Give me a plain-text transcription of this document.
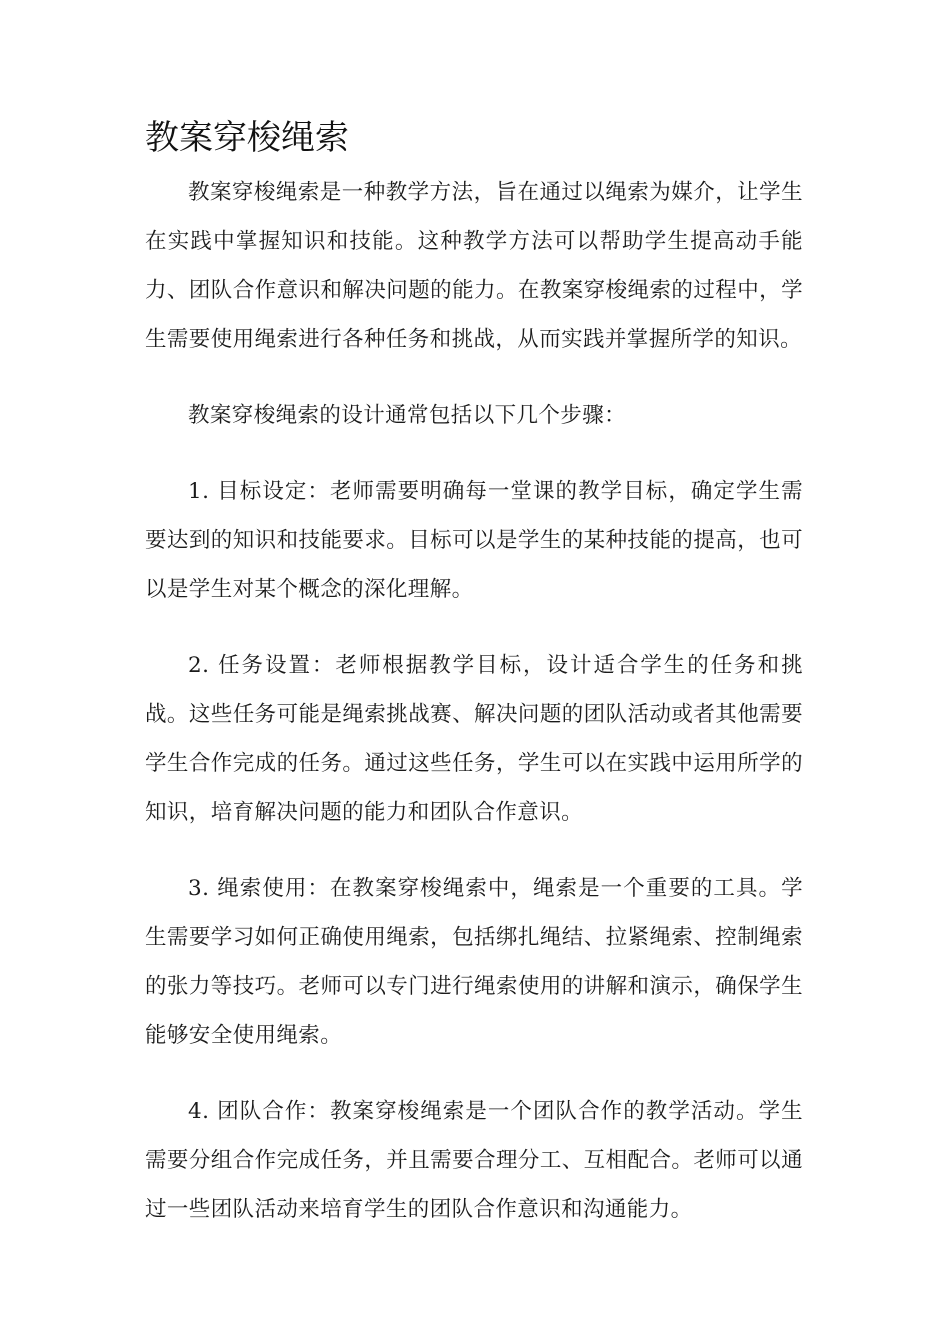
教案穿梭绳索

教案穿梭绳索是一种教学方法，旨在通过以绳索为媒介，让学生在实践中掌握知识和技能。这种教学方法可以帮助学生提高动手能力、团队合作意识和解决问题的能力。在教案穿梭绳索的过程中，学生需要使用绳索进行各种任务和挑战，从而实践并掌握所学的知识。

教案穿梭绳索的设计通常包括以下几个步骤：

1. 目标设定：老师需要明确每一堂课的教学目标，确定学生需要达到的知识和技能要求。目标可以是学生的某种技能的提高，也可以是学生对某个概念的深化理解。

2. 任务设置：老师根据教学目标，设计适合学生的任务和挑战。这些任务可能是绳索挑战赛、解决问题的团队活动或者其他需要学生合作完成的任务。通过这些任务，学生可以在实践中运用所学的知识，培育解决问题的能力和团队合作意识。

3. 绳索使用：在教案穿梭绳索中，绳索是一个重要的工具。学生需要学习如何正确使用绳索，包括绑扎绳结、拉紧绳索、控制绳索的张力等技巧。老师可以专门进行绳索使用的讲解和演示，确保学生能够安全使用绳索。

4. 团队合作：教案穿梭绳索是一个团队合作的教学活动。学生需要分组合作完成任务，并且需要合理分工、互相配合。老师可以通过一些团队活动来培育学生的团队合作意识和沟通能力。
